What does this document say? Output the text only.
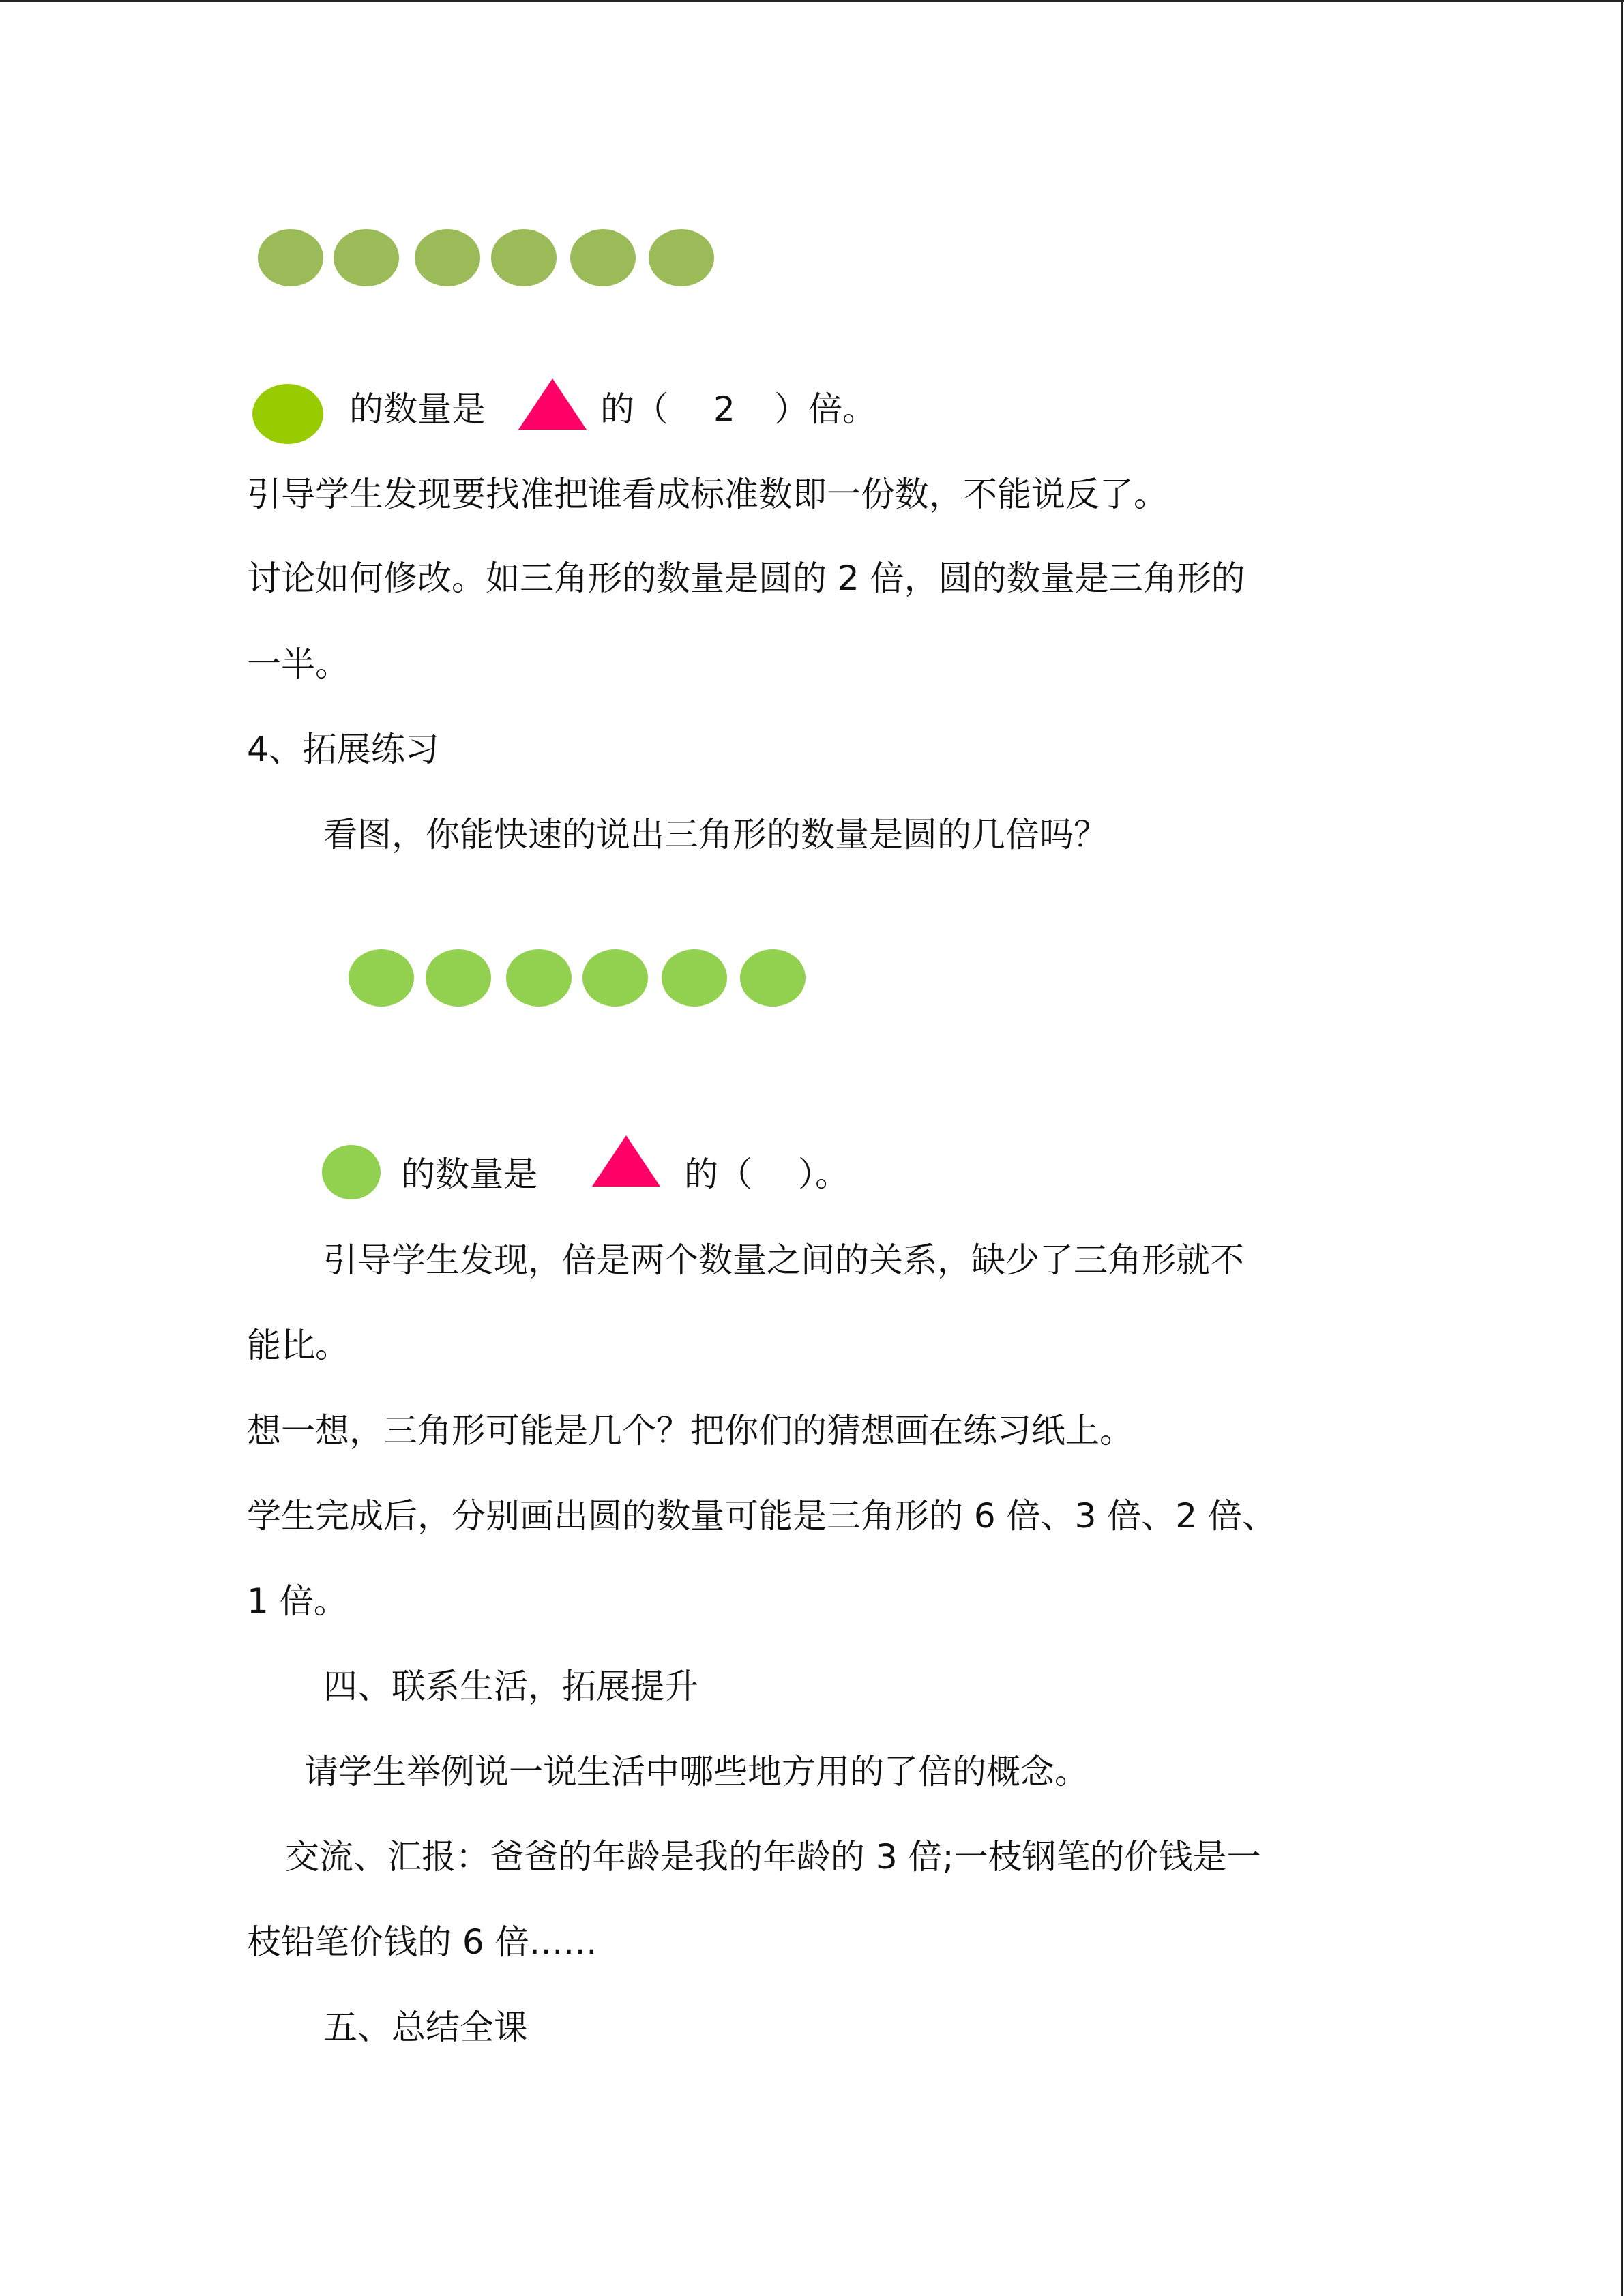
的数量是	的（ 2 ）倍。
引导学生发现要找准把谁看成标准数即一份数，不能说反了。
讨论如何修改。如三角形的数量是圆的 2 倍，圆的数量是三角形的
一半。
4、拓展练习
看图，你能快速的说出三角形的数量是圆的几倍吗？
的数量是	的（ ）。
引导学生发现，倍是两个数量之间的关系，缺少了三角形就不
能比。
想一想，三角形可能是几个？把你们的猜想画在练习纸上。
学生完成后，分别画出圆的数量可能是三角形的 6 倍、3 倍、2 倍、
1 倍。
四、联系生活，拓展提升
请学生举例说一说生活中哪些地方用的了倍的概念。
交流、汇报：爸爸的年龄是我的年龄的 3 倍;一枝钢笔的价钱是一
枝铅笔价钱的 6 倍……
五、总结全课
